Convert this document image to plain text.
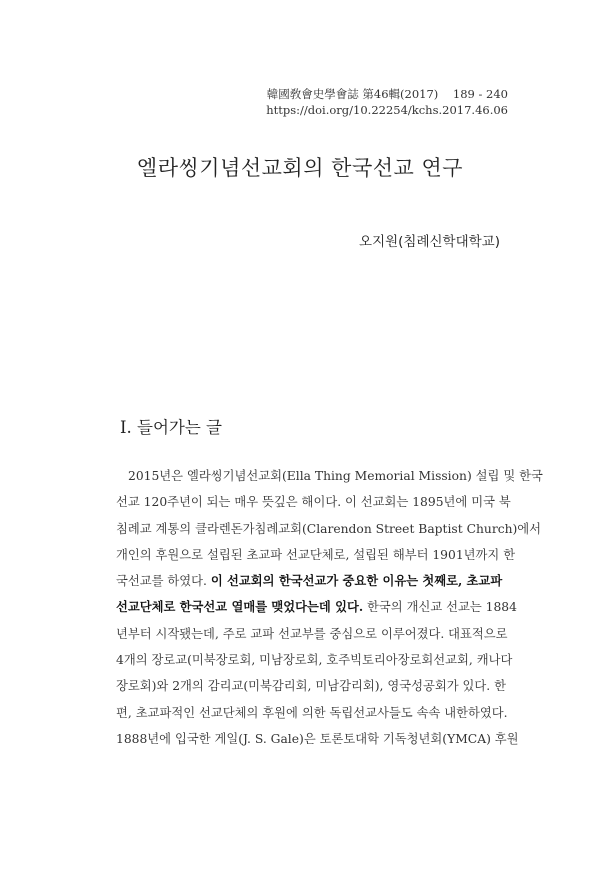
韓國敎會史學會誌 第46輯(2017) 189 - 240
https://doi.org/10.22254/kchs.2017.46.06
엘라씽기념선교회의 한국선교 연구
오지원(침례신학대학교)
I. 들어가는 글
2015년은 엘라씽기념선교회(Ella Thing Memorial Mission) 설립 및 한국
선교 120주년이 되는 매우 뜻깊은 해이다. 이 선교회는 1895년에 미국 북
침례교 계통의 클라렌돈가침례교회(Clarendon Street Baptist Church)에서
개인의 후원으로 설립된 초교파 선교단체로, 설립된 해부터 1901년까지 한
국선교를 하였다. 이 선교회의 한국선교가 중요한 이유는 첫째로, 초교파
선교단체로 한국선교 열매를 맺었다는데 있다. 한국의 개신교 선교는 1884
년부터 시작됐는데, 주로 교파 선교부를 중심으로 이루어졌다. 대표적으로
4개의 장로교(미북장로회, 미남장로회, 호주빅토리아장로회선교회, 캐나다
장로회)와 2개의 감리교(미북감리회, 미남감리회), 영국성공회가 있다. 한
편, 초교파적인 선교단체의 후원에 의한 독립선교사들도 속속 내한하였다.
1888년에 입국한 게일(J. S. Gale)은 토론토대학 기독청년회(YMCA) 후원
